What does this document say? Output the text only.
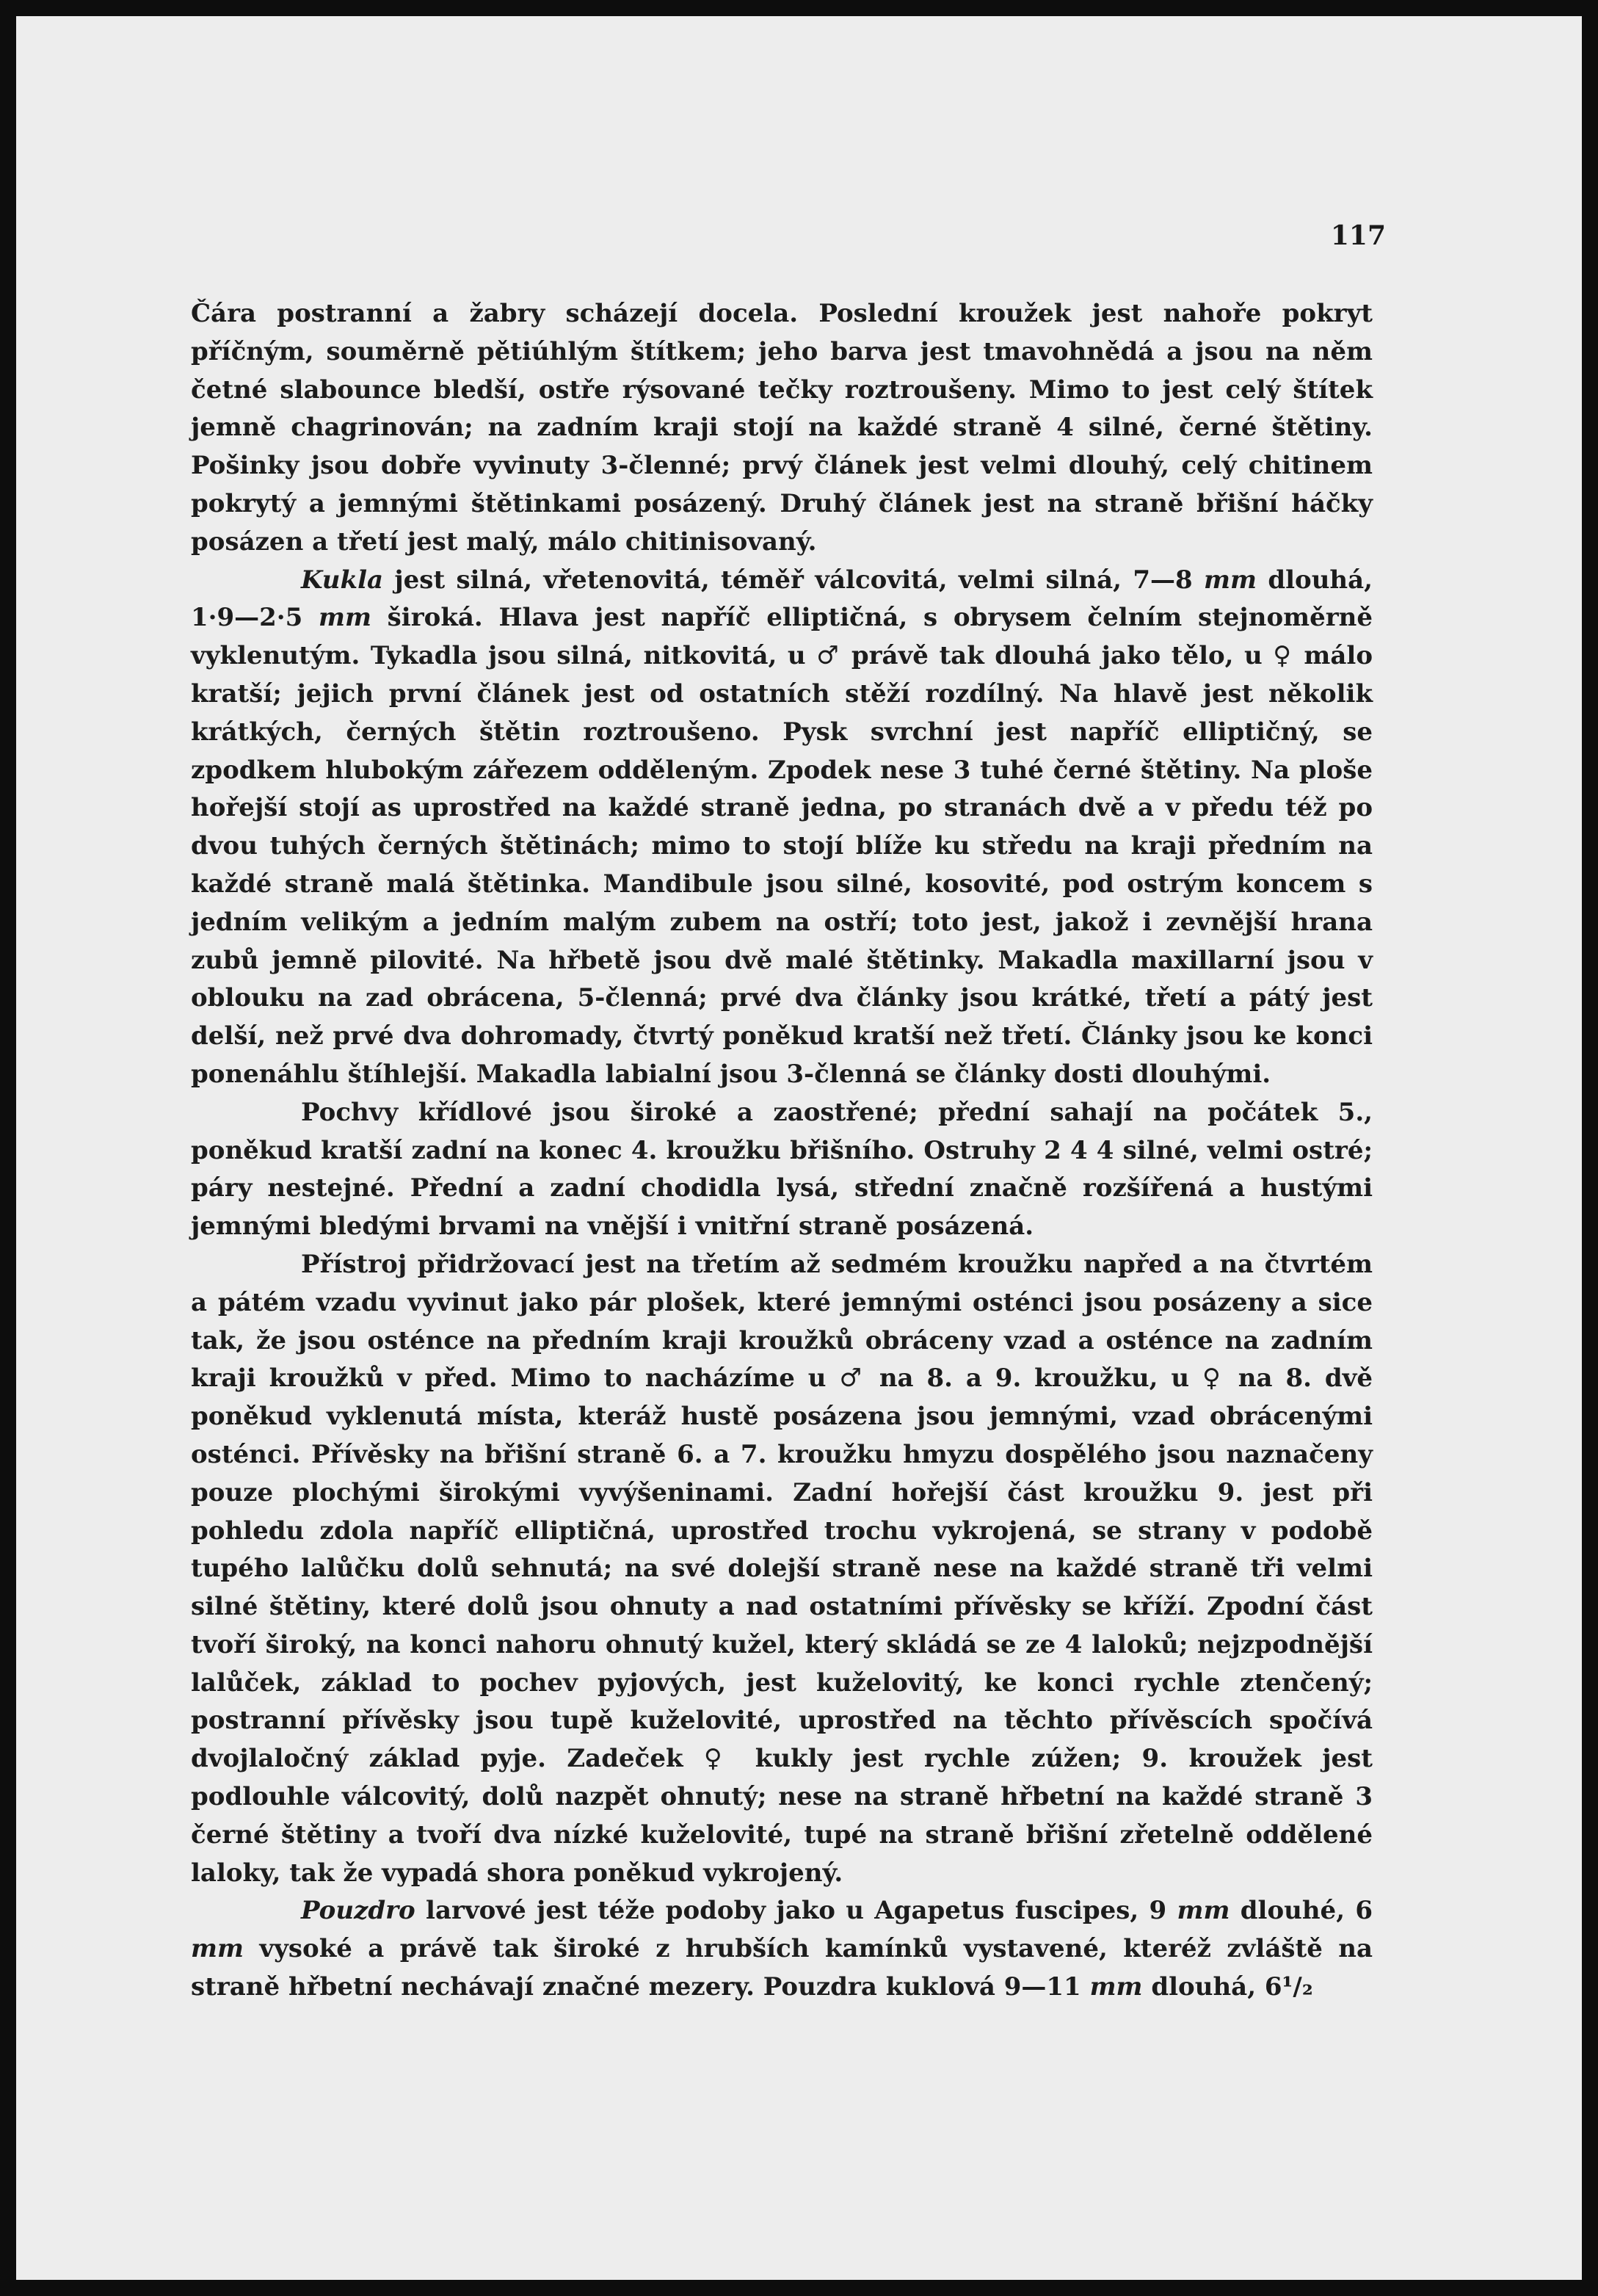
117

Čára postranní a žabry scházejí docela. Poslední kroužek jest nahoře pokryt příčným, souměrně pětiúhlým štítkem; jeho barva jest tmavohnědá a jsou na něm četné slabounce bledší, ostře rýsované tečky roztroušeny. Mimo to jest celý štítek jemně chagrinován; na zadním kraji stojí na každé straně 4 silné, černé štětiny. Pošinky jsou dobře vyvinuty 3-členné; prvý článek jest velmi dlouhý, celý chitinem pokrytý a jemnými štětinkami posázený. Druhý článek jest na straně břišní háčky posázen a třetí jest malý, málo chitinisovaný.

Kukla jest silná, vřetenovitá, téměř válcovitá, velmi silná, 7—8 mm dlouhá, 1·9—2·5 mm široká. Hlava jest napříč elliptičná, s obrysem čelním stejnoměrně vyklenutým. Tykadla jsou silná, nitkovitá, u ♂ právě tak dlouhá jako tělo, u ♀ málo kratší; jejich první článek jest od ostatních stěží rozdílný. Na hlavě jest několik krátkých, černých štětin roztroušeno. Pysk svrchní jest napříč elliptičný, se zpodkem hlubokým zářezem odděleným. Zpodek nese 3 tuhé černé štětiny. Na ploše hořejší stojí as uprostřed na každé straně jedna, po stranách dvě a v předu též po dvou tuhých černých štětinách; mimo to stojí blíže ku středu na kraji předním na každé straně malá štětinka. Mandibule jsou silné, kosovité, pod ostrým koncem s jedním velikým a jedním malým zubem na ostří; toto jest, jakož i zevnější hrana zubů jemně pilovité. Na hřbetě jsou dvě malé štětinky. Makadla maxillarní jsou v oblouku na zad obrácena, 5-členná; prvé dva články jsou krátké, třetí a pátý jest delší, než prvé dva dohromady, čtvrtý poněkud kratší než třetí. Články jsou ke konci ponenáhlu štíhlejší. Makadla labialní jsou 3-členná se články dosti dlouhými.

Pochvy křídlové jsou široké a zaostřené; přední sahají na počátek 5., poněkud kratší zadní na konec 4. kroužku břišního. Ostruhy 2 4 4 silné, velmi ostré; páry nestejné. Přední a zadní chodidla lysá, střední značně rozšířená a hustými jemnými bledými brvami na vnější i vnitřní straně posázená.

Přístroj přidržovací jest na třetím až sedmém kroužku napřed a na čtvrtém a pátém vzadu vyvinut jako pár plošek, které jemnými osténci jsou posázeny a sice tak, že jsou osténce na předním kraji kroužků obráceny vzad a osténce na zadním kraji kroužků v před. Mimo to nacházíme u ♂ na 8. a 9. kroužku, u ♀ na 8. dvě poněkud vyklenutá místa, kteráž hustě posázena jsou jemnými, vzad obrácenými osténci. Přívěsky na břišní straně 6. a 7. kroužku hmyzu dospělého jsou naznačeny pouze plochými širokými vyvýšeninami. Zadní hořejší část kroužku 9. jest při pohledu zdola napříč elliptičná, uprostřed trochu vykrojená, se strany v podobě tupého lalůčku dolů sehnutá; na své dolejší straně nese na každé straně tři velmi silné štětiny, které dolů jsou ohnuty a nad ostatními přívěsky se kříží. Zpodní část tvoří široký, na konci nahoru ohnutý kužel, který skládá se ze 4 laloků; nejzpodnější lalůček, základ to pochev pyjových, jest kuželovitý, ke konci rychle ztenčený; postranní přívěsky jsou tupě kuželovité, uprostřed na těchto přívěscích spočívá dvojlaločný základ pyje. Zadeček ♀ kukly jest rychle zúžen; 9. kroužek jest podlouhle válcovitý, dolů nazpět ohnutý; nese na straně hřbetní na každé straně 3 černé štětiny a tvoří dva nízké kuželovité, tupé na straně břišní zřetelně oddělené laloky, tak že vypadá shora poněkud vykrojený.

Pouzdro larvové jest téže podoby jako u Agapetus fuscipes, 9 mm dlouhé, 6 mm vysoké a právě tak široké z hrubších kamínků vystavené, kteréž zvláště na straně hřbetní nechávají značné mezery. Pouzdra kuklová 9—11 mm dlouhá, 6¹/₂
